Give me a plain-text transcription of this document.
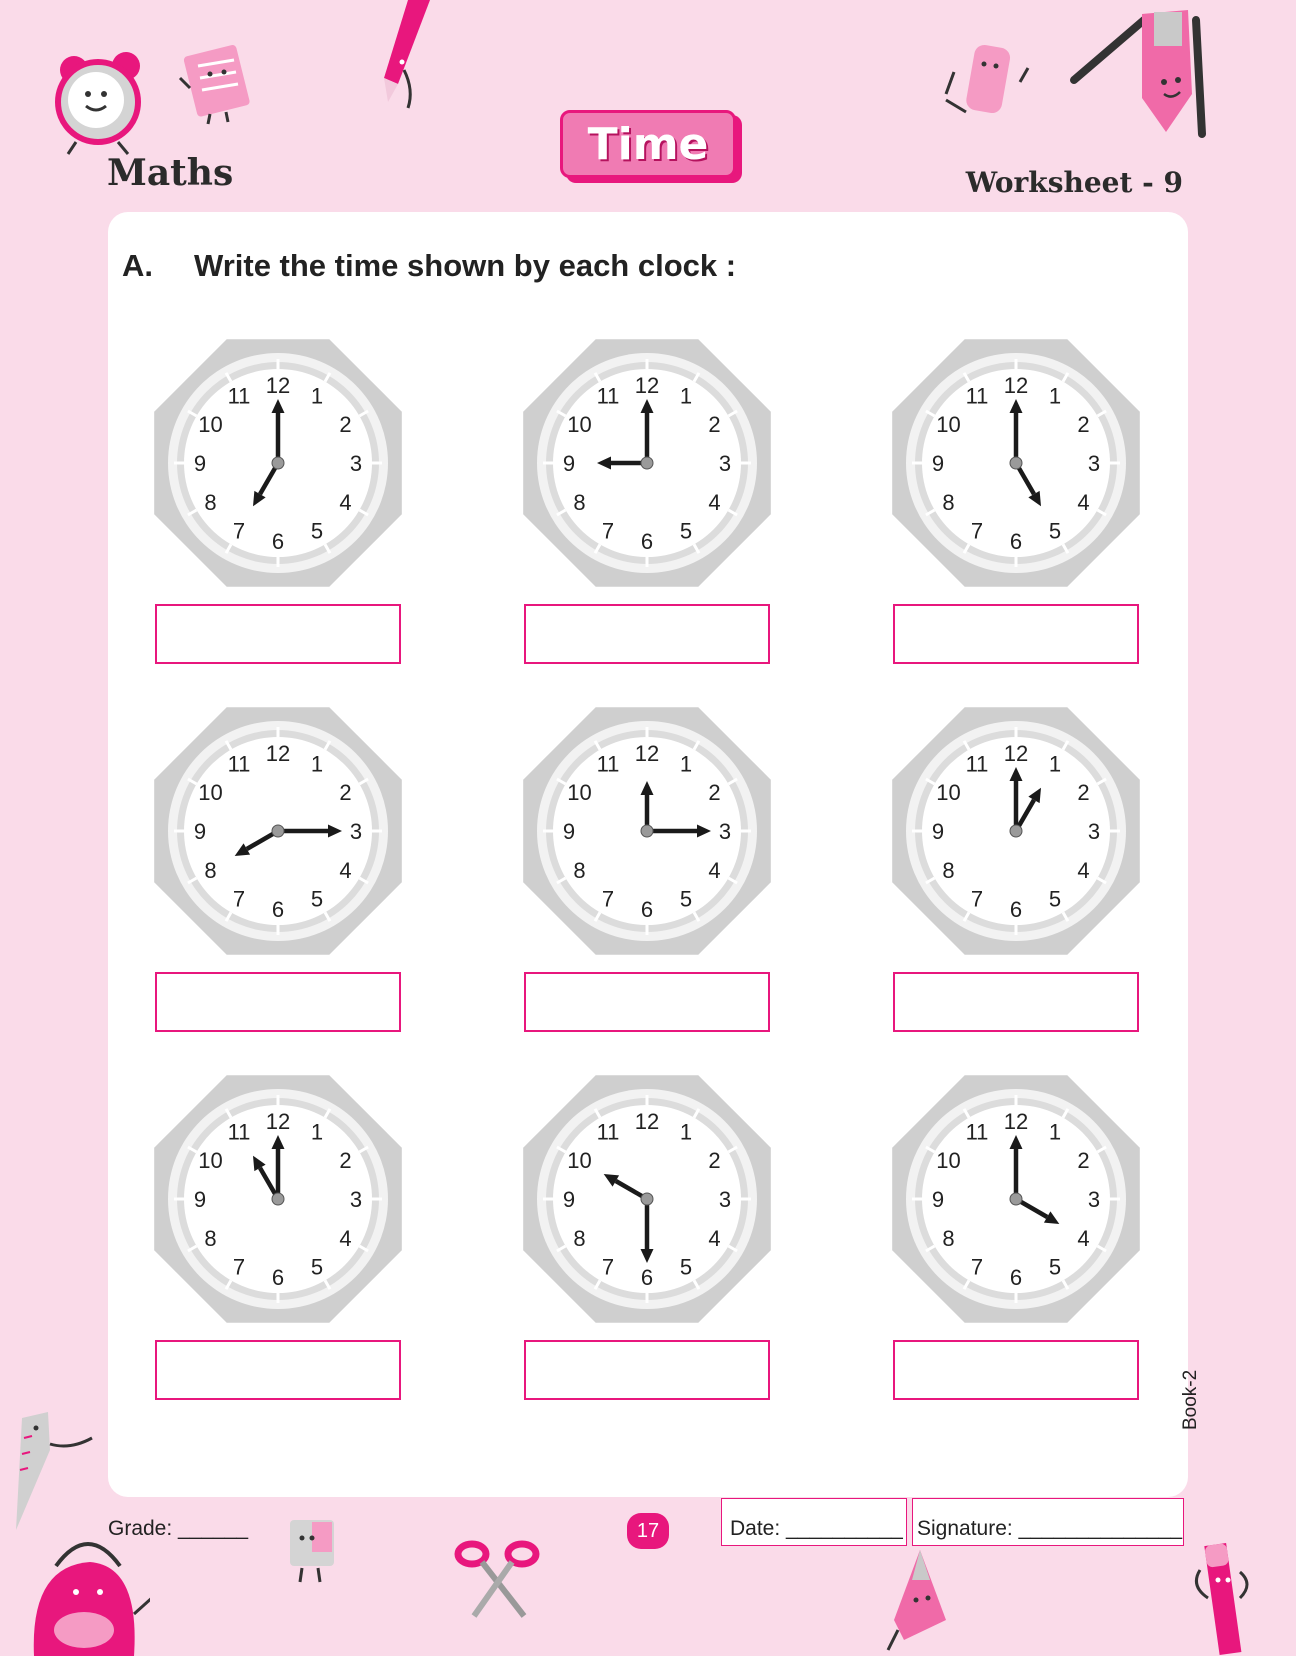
Maths
Time
Worksheet - 9
A. Write the time shown by each clock :
12 1
2
3
4
5
6
7
8
9
10
11	12 1
2
3
4
5
6
7
8
9
10
11	12 1
2
3
4
5
6
7
8
9
10
11
12 1
2
3
4
5
6
7
8
9
10
11	12 1
2
3
4
5
6
7
8
9
10
11	12 1
2
3
4
5
6
7
8
9
10
11
12 1
2
3
4
5
6
7
8
9
10
11	12 1
2
3
4
5
6
7
8
9
10
11	12 1
2
3
4
5
6
7
8
9
10
11
Book-2
Grade: ______	17	Date: __________ Signature: ______________
